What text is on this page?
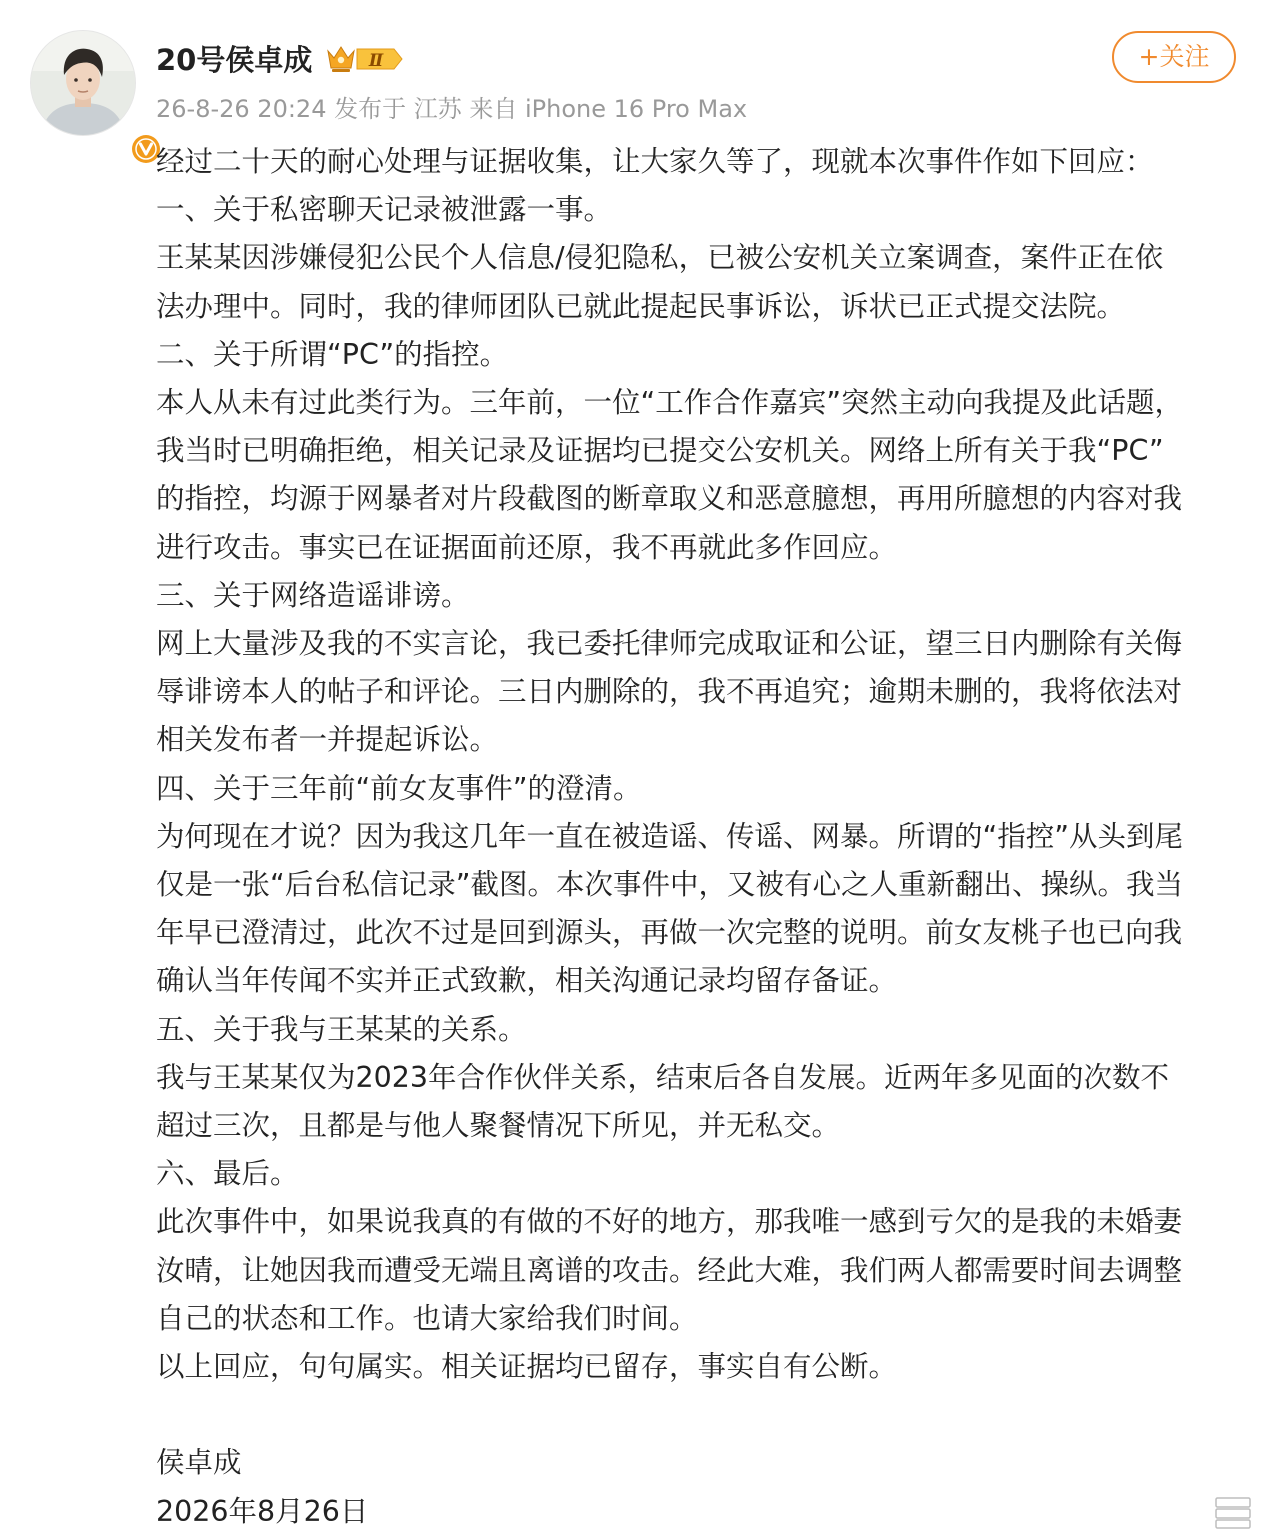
20号侯卓成	Ⅱ
26-8-26 20:24 发布于 江苏 来自 iPhone 16 Pro Max
+关注

经过二十天的耐心处理与证据收集，让大家久等了，现就本次事件作如下回应：

一、关于私密聊天记录被泄露一事。

王某某因涉嫌侵犯公民个人信息/侵犯隐私，已被公安机关立案调查，案件正在依

法办理中。同时，我的律师团队已就此提起民事诉讼，诉状已正式提交法院。

二、关于所谓“PC”的指控。

本人从未有过此类行为。三年前，一位“工作合作嘉宾”突然主动向我提及此话题，

我当时已明确拒绝，相关记录及证据均已提交公安机关。网络上所有关于我“PC”

的指控，均源于网暴者对片段截图的断章取义和恶意臆想，再用所臆想的内容对我

进行攻击。事实已在证据面前还原，我不再就此多作回应。

三、关于网络造谣诽谤。

网上大量涉及我的不实言论，我已委托律师完成取证和公证，望三日内删除有关侮

辱诽谤本人的帖子和评论。三日内删除的，我不再追究；逾期未删的，我将依法对

相关发布者一并提起诉讼。

四、关于三年前“前女友事件”的澄清。

为何现在才说？因为我这几年一直在被造谣、传谣、网暴。所谓的“指控”从头到尾

仅是一张“后台私信记录”截图。本次事件中，又被有心之人重新翻出、操纵。我当

年早已澄清过，此次不过是回到源头，再做一次完整的说明。前女友桃子也已向我

确认当年传闻不实并正式致歉，相关沟通记录均留存备证。

五、关于我与王某某的关系。

我与王某某仅为2023年合作伙伴关系，结束后各自发展。近两年多见面的次数不

超过三次，且都是与他人聚餐情况下所见，并无私交。

六、最后。

此次事件中，如果说我真的有做的不好的地方，那我唯一感到亏欠的是我的未婚妻

汝晴，让她因我而遭受无端且离谱的攻击。经此大难，我们两人都需要时间去调整

自己的状态和工作。也请大家给我们时间。

以上回应，句句属实。相关证据均已留存，事实自有公断。

侯卓成

2026年8月26日
